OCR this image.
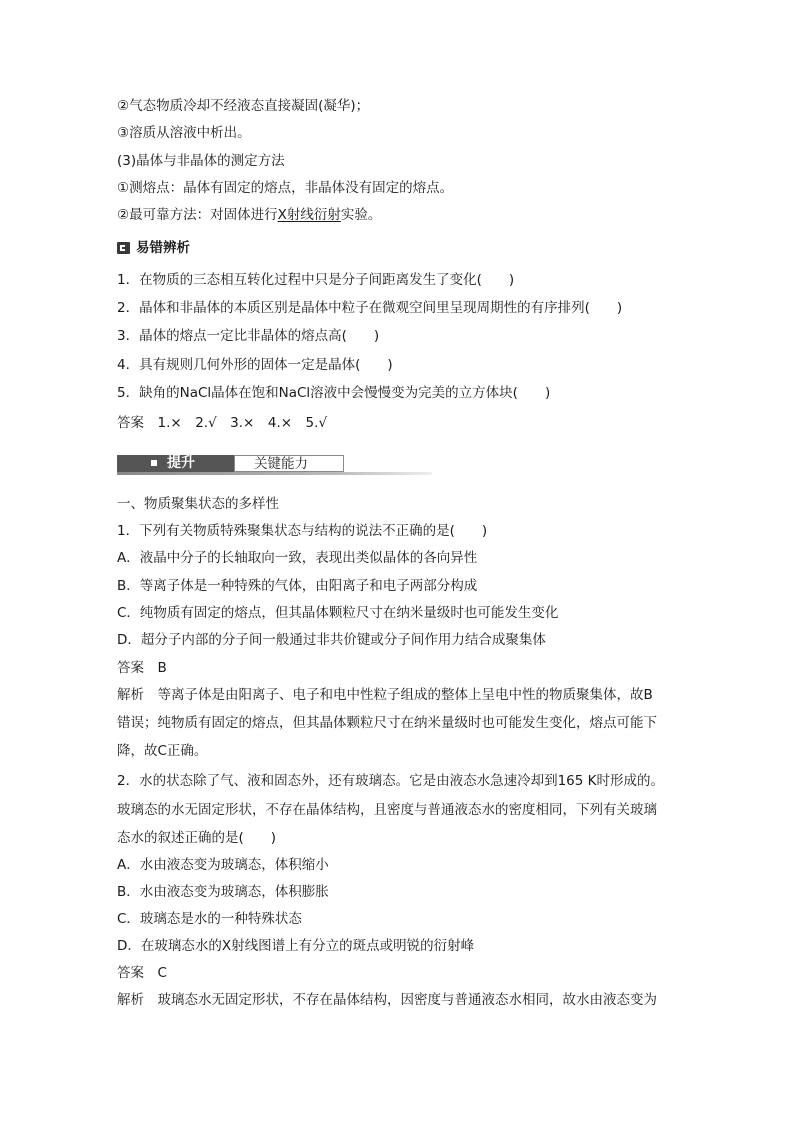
②气态物质冷却不经液态直接凝固(凝华)；
③溶质从溶液中析出。
(3)晶体与非晶体的测定方法
①测熔点：晶体有固定的熔点，非晶体没有固定的熔点。
②最可靠方法：对固体进行X射线衍射实验。
易错辨析
1．在物质的三态相互转化过程中只是分子间距离发生了变化(　　)
2．晶体和非晶体的本质区别是晶体中粒子在微观空间里呈现周期性的有序排列(　　)
3．晶体的熔点一定比非晶体的熔点高(　　)
4．具有规则几何外形的固体一定是晶体(　　)
5．缺角的NaCl晶体在饱和NaCl溶液中会慢慢变为完美的立方体块(　　)
答案　1.×　2.√　3.×　4.×　5.√
提升	关键能力
一、物质聚集状态的多样性
1．下列有关物质特殊聚集状态与结构的说法不正确的是(　　)
A．液晶中分子的长轴取向一致，表现出类似晶体的各向异性
B．等离子体是一种特殊的气体，由阳离子和电子两部分构成
C．纯物质有固定的熔点，但其晶体颗粒尺寸在纳米量级时也可能发生变化
D．超分子内部的分子间一般通过非共价键或分子间作用力结合成聚集体
答案　B
解析　等离子体是由阳离子、电子和电中性粒子组成的整体上呈电中性的物质聚集体，故B
错误；纯物质有固定的熔点，但其晶体颗粒尺寸在纳米量级时也可能发生变化，熔点可能下
降，故C正确。
2．水的状态除了气、液和固态外，还有玻璃态。它是由液态水急速冷却到165 K时形成的。
玻璃态的水无固定形状，不存在晶体结构，且密度与普通液态水的密度相同，下列有关玻璃
态水的叙述正确的是(　　)
A．水由液态变为玻璃态，体积缩小
B．水由液态变为玻璃态，体积膨胀
C．玻璃态是水的一种特殊状态
D．在玻璃态水的X射线图谱上有分立的斑点或明锐的衍射峰
答案　C
解析　玻璃态水无固定形状，不存在晶体结构，因密度与普通液态水相同，故水由液态变为
